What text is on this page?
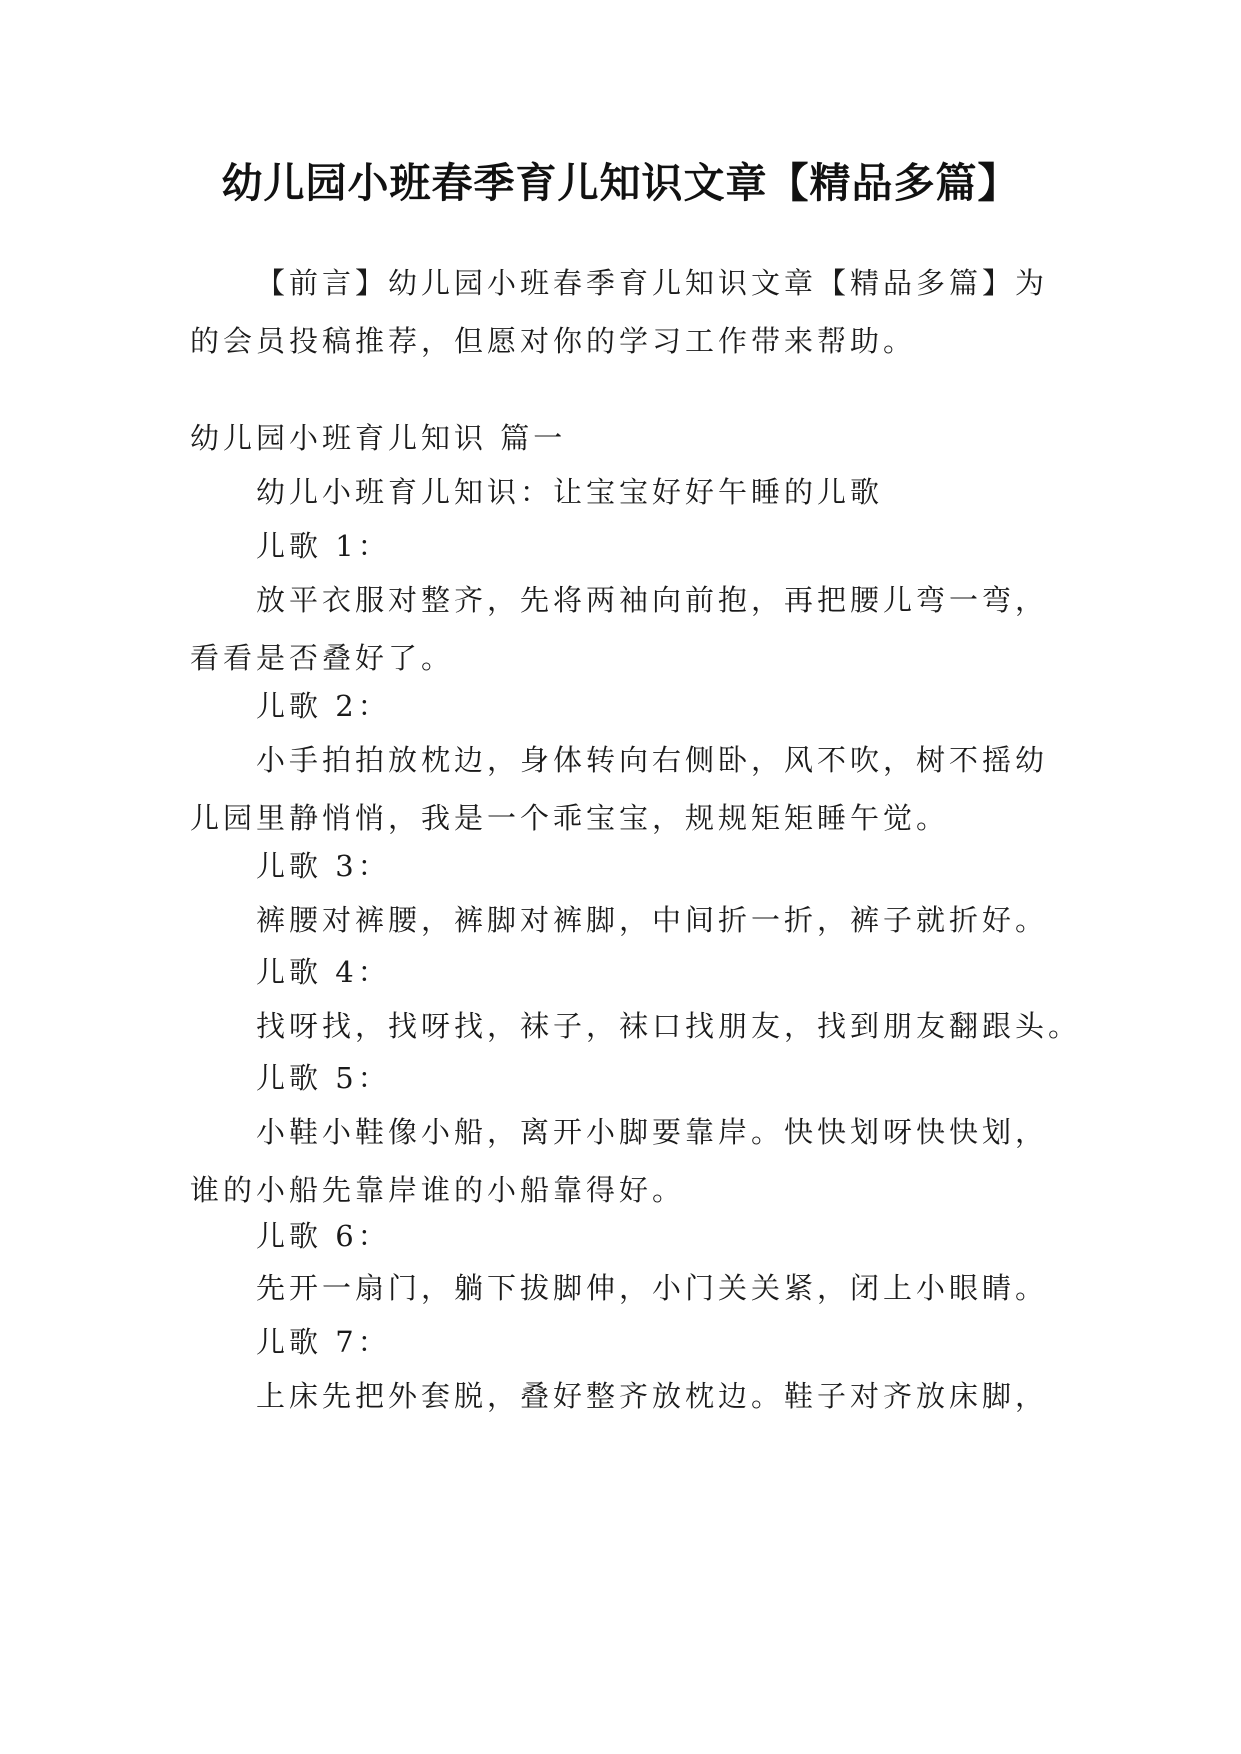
幼儿园小班春季育儿知识文章【精品多篇】

【前言】幼儿园小班春季育儿知识文章【精品多篇】为的会员投稿推荐，但愿对你的学习工作带来帮助。

幼儿园小班育儿知识 篇一

幼儿小班育儿知识：让宝宝好好午睡的儿歌

儿歌 1：

放平衣服对整齐，先将两袖向前抱，再把腰儿弯一弯，看看是否叠好了。

儿歌 2：

小手拍拍放枕边，身体转向右侧卧，风不吹，树不摇幼儿园里静悄悄，我是一个乖宝宝，规规矩矩睡午觉。

儿歌 3：

裤腰对裤腰，裤脚对裤脚，中间折一折，裤子就折好。

儿歌 4：

找呀找，找呀找，袜子，袜口找朋友，找到朋友翻跟头。

儿歌 5：

小鞋小鞋像小船，离开小脚要靠岸。快快划呀快快划，谁的小船先靠岸谁的小船靠得好。

儿歌 6：

先开一扇门，躺下拔脚伸，小门关关紧，闭上小眼睛。

儿歌 7：

上床先把外套脱，叠好整齐放枕边。鞋子对齐放床脚，
